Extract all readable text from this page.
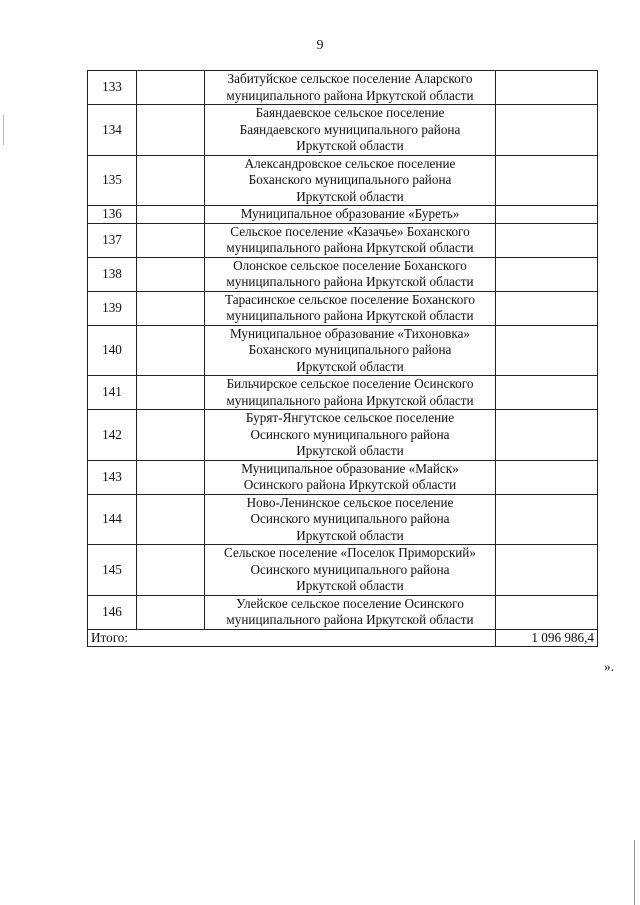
9
133		Забитуйское сельское поселение Аларского
муниципального района Иркутской области	

134		Баяндаевское сельское поселение
Баяндаевского муниципального района
Иркутской области	

135		Александровское сельское поселение
Боханского муниципального района
Иркутской области	

136		Муниципальное образование «Буреть»	

137		Сельское поселение «Казачье» Боханского
муниципального района Иркутской области	

138		Олонское сельское поселение Боханского
муниципального района Иркутской области	

139		Тарасинское сельское поселение Боханского
муниципального района Иркутской области	

140		Муниципальное образование «Тихоновка»
Боханского муниципального района
Иркутской области	

141		Бильчирское сельское поселение Осинского
муниципального района Иркутской области	

142		Бурят-Янгутское сельское поселение
Осинского муниципального района
Иркутской области	

143		Муниципальное образование «Майск»
Осинского района Иркутской области	

144		Ново-Ленинское сельское поселение
Осинского муниципального района
Иркутской области	

145		Сельское поселение «Поселок Приморский»
Осинского муниципального района
Иркутской области	

146		Улейское сельское поселение Осинского
муниципального района Иркутской области	

Итого:			1 096 986,4
».
